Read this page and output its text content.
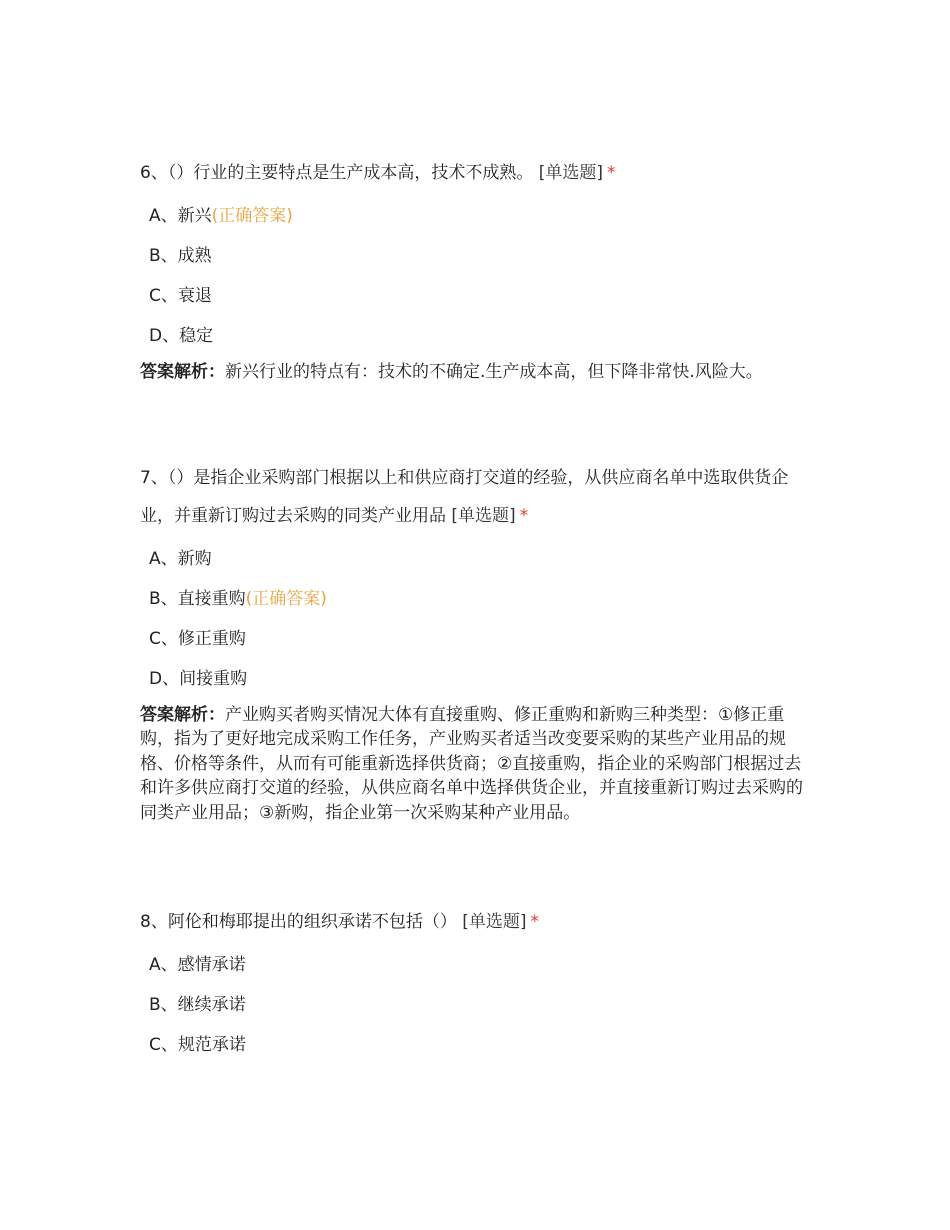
6、（）行业的主要特点是生产成本高，技术不成熟。 [单选题] *

A、新兴(正确答案)
B、成熟
C、衰退
D、稳定
答案解析：新兴行业的特点有：技术的不确定.生产成本高，但下降非常快.风险大。

7、（）是指企业采购部门根据以上和供应商打交道的经验，从供应商名单中选取供货企业，并重新订购过去采购的同类产业用品 [单选题] *

A、新购
B、直接重购(正确答案)
C、修正重购
D、间接重购
答案解析：产业购买者购买情况大体有直接重购、修正重购和新购三种类型：①修正重购，指为了更好地完成采购工作任务，产业购买者适当改变要采购的某些产业用品的规格、价格等条件，从而有可能重新选择供货商；②直接重购，指企业的采购部门根据过去和许多供应商打交道的经验，从供应商名单中选择供货企业，并直接重新订购过去采购的同类产业用品；③新购，指企业第一次采购某种产业用品。

8、阿伦和梅耶提出的组织承诺不包括（） [单选题] *

A、感情承诺
B、继续承诺
C、规范承诺
